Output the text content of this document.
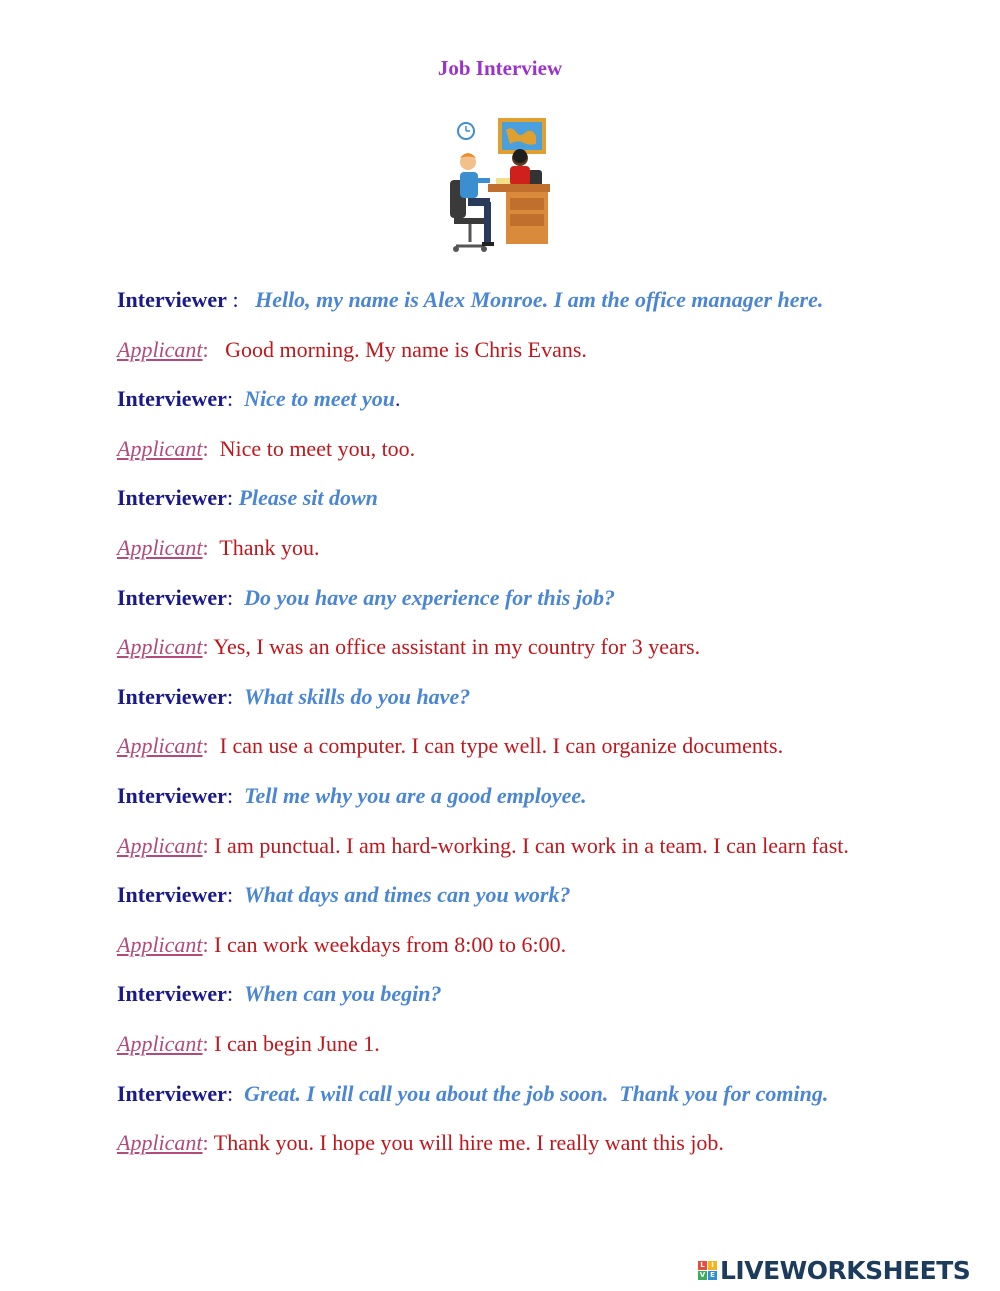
Job Interview
Interviewer :   Hello, my name is Alex Monroe. I am the office manager here.
Applicant:   Good morning. My name is Chris Evans.
Interviewer:  Nice to meet you.
Applicant:  Nice to meet you, too.
Interviewer: Please sit down
Applicant:  Thank you.
Interviewer:  Do you have any experience for this job?
Applicant: Yes, I was an office assistant in my country for 3 years.
Interviewer:  What skills do you have?
Applicant:  I can use a computer. I can type well. I can organize documents.
Interviewer:  Tell me why you are a good employee.
Applicant: I am punctual. I am hard-working. I can work in a team. I can learn fast.
Interviewer:  What days and times can you work?
Applicant: I can work weekdays from 8:00 to 6:00.
Interviewer:  When can you begin?
Applicant: I can begin June 1.
Interviewer:  Great. I will call you about the job soon.  Thank you for coming.
Applicant: Thank you. I hope you will hire me. I really want this job.
L I
V E LIVEWORKSHEETS
